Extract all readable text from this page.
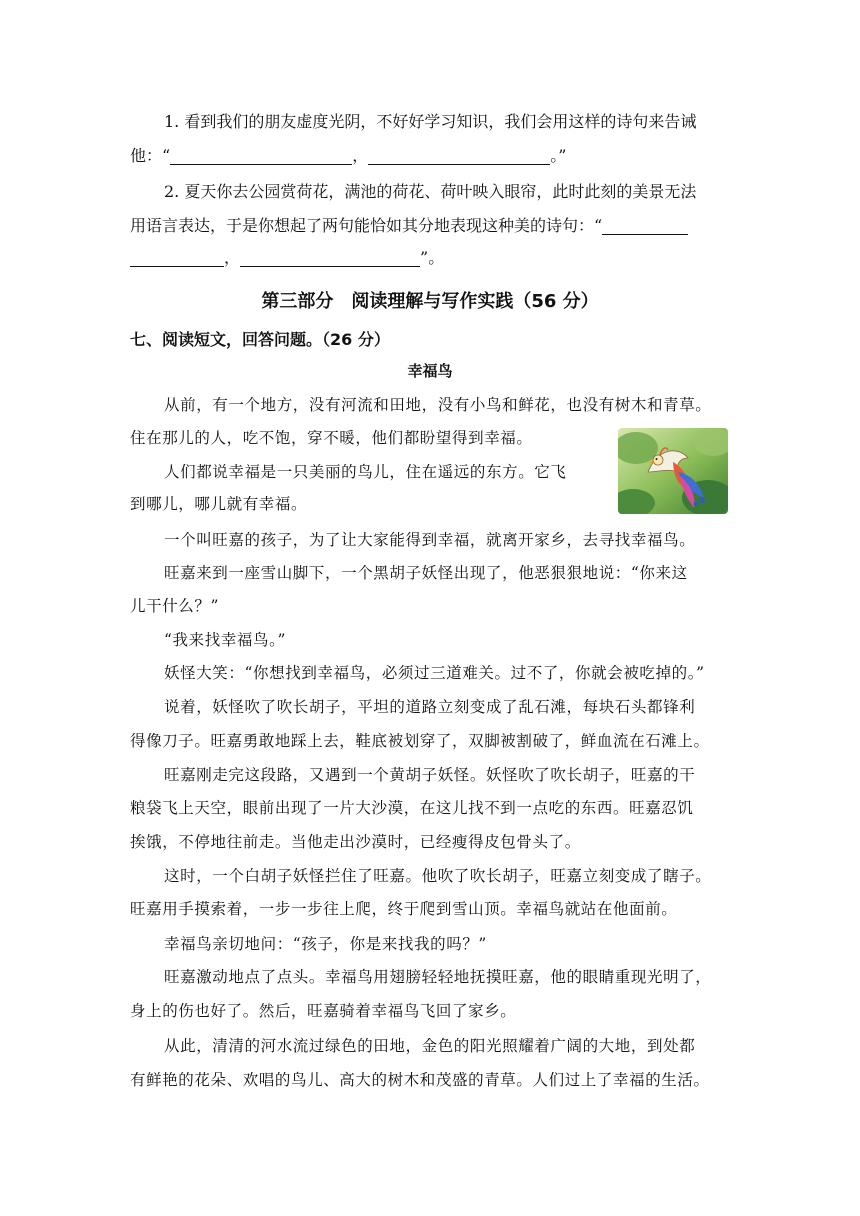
1. 看到我们的朋友虚度光阴，不好好学习知识，我们会用这样的诗句来告诫
他：“	，	。”
2. 夏天你去公园赏荷花，满池的荷花、荷叶映入眼帘，此时此刻的美景无法
用语言表达，于是你想起了两句能恰如其分地表现这种美的诗句：“
，	”。
第三部分　阅读理解与写作实践（56 分）
七、阅读短文，回答问题。（26 分）
幸福鸟
从前，有一个地方，没有河流和田地，没有小鸟和鲜花，也没有树木和青草。
住在那儿的人，吃不饱，穿不暖，他们都盼望得到幸福。
人们都说幸福是一只美丽的鸟儿，住在遥远的东方。它飞
到哪儿，哪儿就有幸福。
一个叫旺嘉的孩子，为了让大家能得到幸福，就离开家乡，去寻找幸福鸟。
旺嘉来到一座雪山脚下，一个黑胡子妖怪出现了，他恶狠狠地说：“你来这
儿干什么？”
“我来找幸福鸟。”
妖怪大笑：“你想找到幸福鸟，必须过三道难关。过不了，你就会被吃掉的。”
说着，妖怪吹了吹长胡子，平坦的道路立刻变成了乱石滩，每块石头都锋利
得像刀子。旺嘉勇敢地踩上去，鞋底被划穿了，双脚被割破了，鲜血流在石滩上。
旺嘉刚走完这段路，又遇到一个黄胡子妖怪。妖怪吹了吹长胡子，旺嘉的干
粮袋飞上天空，眼前出现了一片大沙漠，在这儿找不到一点吃的东西。旺嘉忍饥
挨饿，不停地往前走。当他走出沙漠时，已经瘦得皮包骨头了。
这时，一个白胡子妖怪拦住了旺嘉。他吹了吹长胡子，旺嘉立刻变成了瞎子。
旺嘉用手摸索着，一步一步往上爬，终于爬到雪山顶。幸福鸟就站在他面前。
幸福鸟亲切地问：“孩子，你是来找我的吗？”
旺嘉激动地点了点头。幸福鸟用翅膀轻轻地抚摸旺嘉，他的眼睛重现光明了，
身上的伤也好了。然后，旺嘉骑着幸福鸟飞回了家乡。
从此，清清的河水流过绿色的田地，金色的阳光照耀着广阔的大地，到处都
有鲜艳的花朵、欢唱的鸟儿、高大的树木和茂盛的青草。人们过上了幸福的生活。
